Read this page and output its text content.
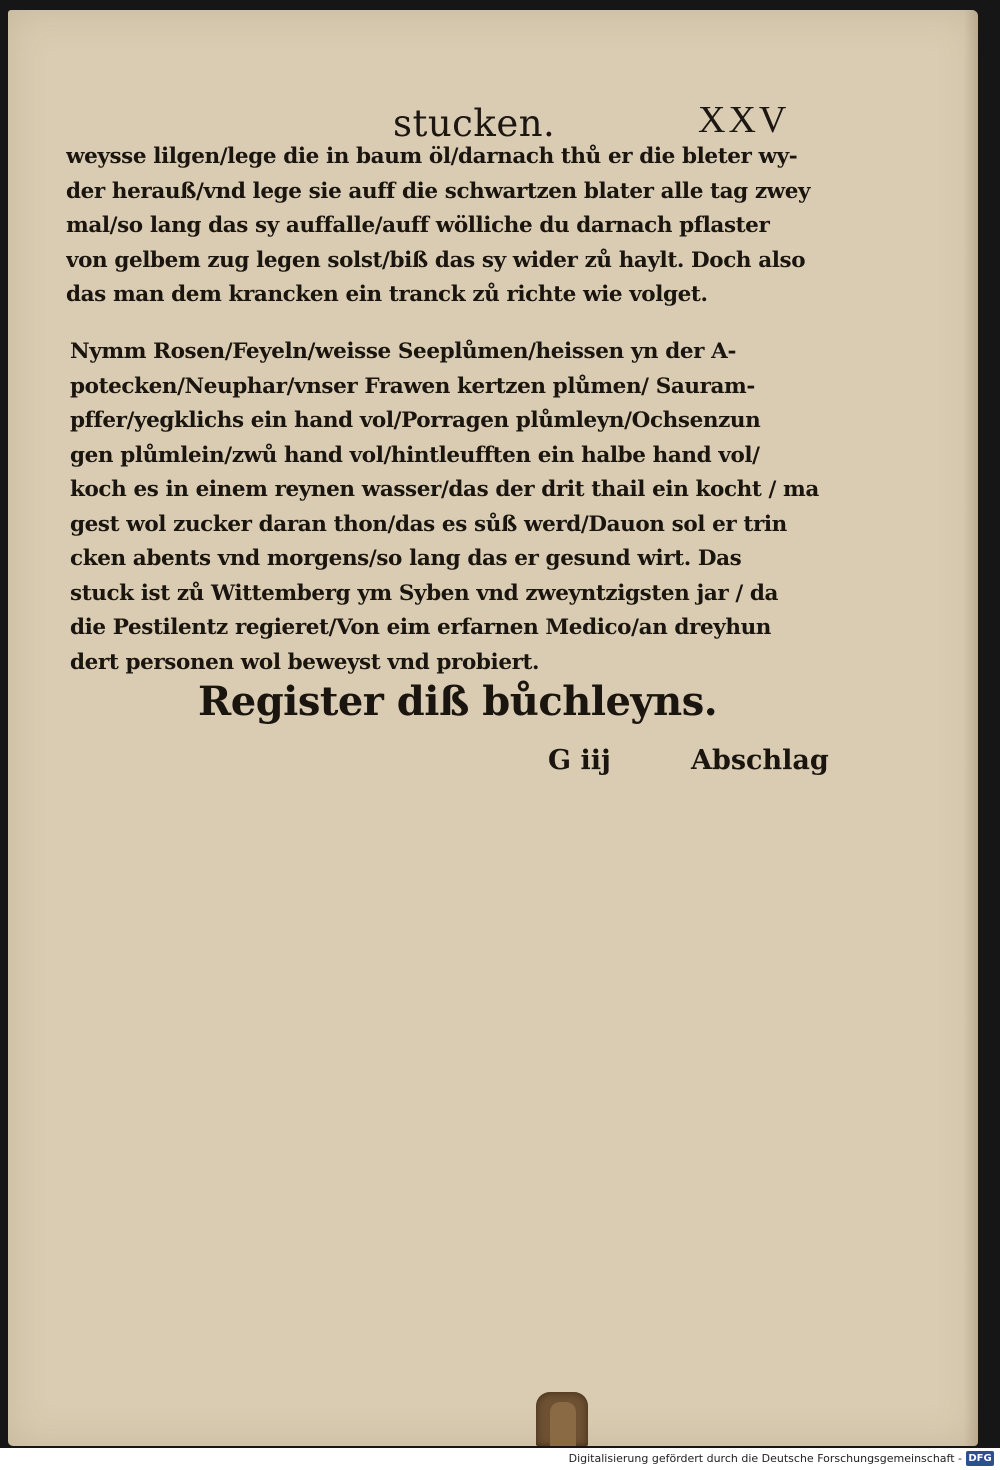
stucken.	XXV
weysse lilgen/lege die in baum öl/darnach thů er die bleter wy-
der herauß/vnd lege sie auff die schwartzen blater alle tag zwey
mal/so lang das sy auffalle/auff wölliche du darnach pflaster
von gelbem zug legen solst/biß das sy wider zů haylt. Doch also
das man dem krancken ein tranck zů richte wie volget.
Nymm Rosen/Feyeln/weisse Seeplůmen/heissen yn der A-
potecken/Neuphar/vnser Frawen kertzen plůmen/ Sauram-
pffer/yegklichs ein hand vol/Porragen plůmleyn/Ochsenzun
gen plůmlein/zwů hand vol/hintleufften ein halbe hand vol/
koch es in einem reynen wasser/das der drit thail ein kocht / ma
gest wol zucker daran thon/das es sůß werd/Dauon sol er trin
cken abents vnd morgens/so lang das er gesund wirt. Das
stuck ist zů Wittemberg ym Syben vnd zweyntzigsten jar / da
die Pestilentz regieret/Von eim erfarnen Medico/an dreyhun
dert personen wol beweyst vnd probiert.
Register diß bůchleyns.
G iij	Abschlag
Digitalisierung gefördert durch die Deutsche Forschungsgemeinschaft - DFG
